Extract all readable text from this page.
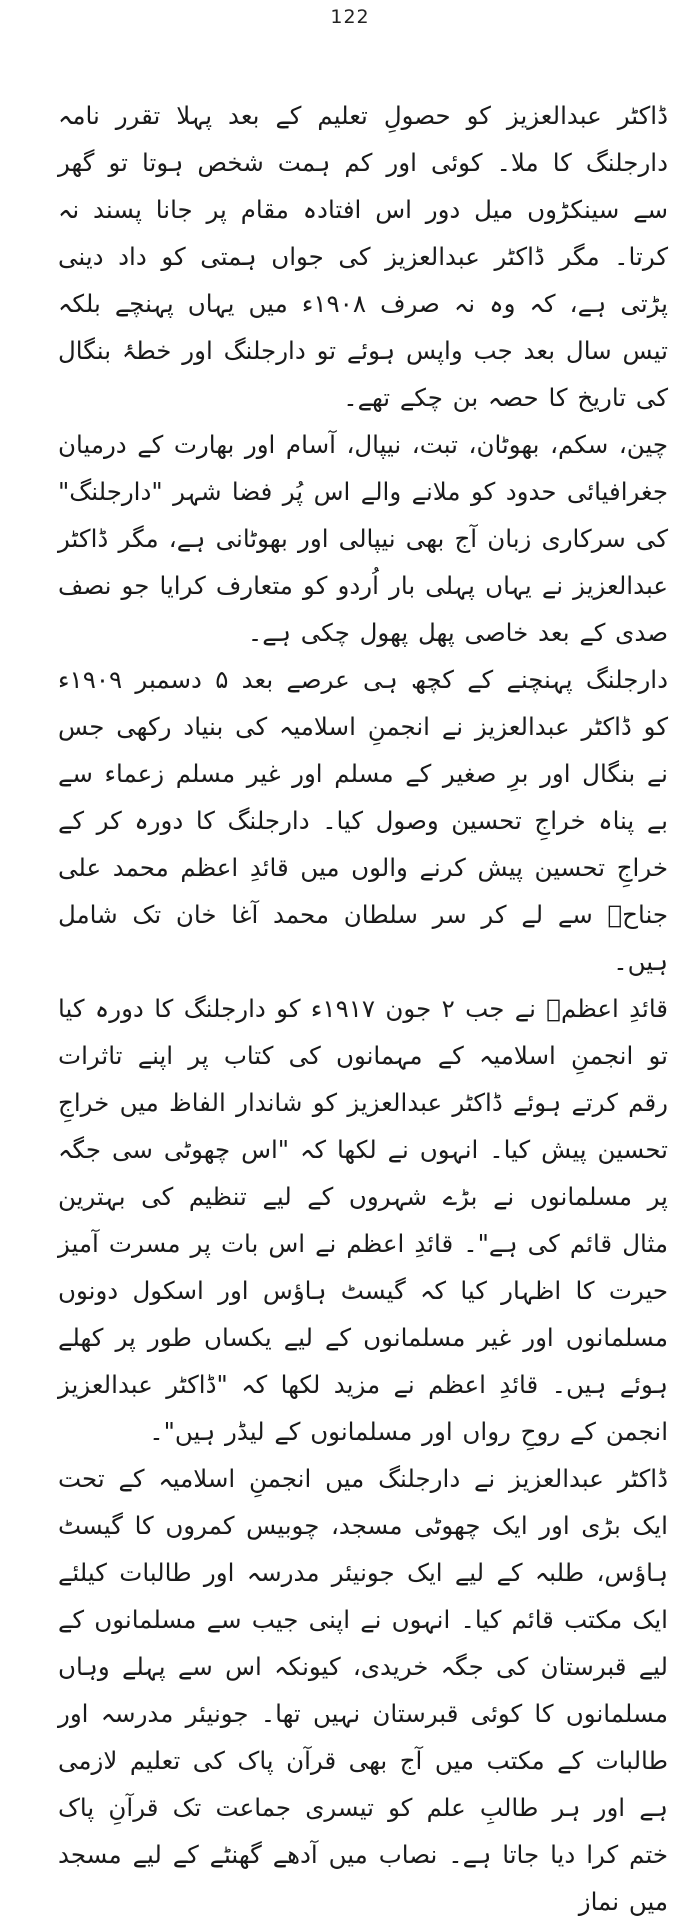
122

ڈاکٹر عبدالعزیز کو حصولِ تعلیم کے بعد پہلا تقرر نامہ دارجلنگ کا ملا۔ کوئی اور کم ہمت شخص ہوتا تو گھر سے سینکڑوں میل دور اس افتادہ مقام پر جانا پسند نہ کرتا۔ مگر ڈاکٹر عبدالعزیز کی جواں ہمتی کو داد دینی پڑتی ہے، کہ وہ نہ صرف ۱۹۰۸ء میں یہاں پہنچے بلکہ تیس سال بعد جب واپس ہوئے تو دارجلنگ اور خطۂ بنگال کی تاریخ کا حصہ بن چکے تھے۔

چین، سکم، بھوٹان، تبت، نیپال، آسام اور بھارت کے درمیان جغرافیائی حدود کو ملانے والے اس پُر فضا شہر "دارجلنگ" کی سرکاری زبان آج بھی نیپالی اور بھوٹانی ہے، مگر ڈاکٹر عبدالعزیز نے یہاں پہلی بار اُردو کو متعارف کرایا جو نصف صدی کے بعد خاصی پھل پھول چکی ہے۔

دارجلنگ پہنچنے کے کچھ ہی عرصے بعد ۵ دسمبر ۱۹۰۹ء کو ڈاکٹر عبدالعزیز نے انجمنِ اسلامیہ کی بنیاد رکھی جس نے بنگال اور برِ صغیر کے مسلم اور غیر مسلم زعماء سے بے پناہ خراجِ تحسین وصول کیا۔ دارجلنگ کا دورہ کر کے خراجِ تحسین پیش کرنے والوں میں قائدِ اعظم محمد علی جناحؒ سے لے کر سر سلطان محمد آغا خان تک شامل ہیں۔

قائدِ اعظمؒ نے جب ۲ جون ۱۹۱۷ء کو دارجلنگ کا دورہ کیا تو انجمنِ اسلامیہ کے مہمانوں کی کتاب پر اپنے تاثرات رقم کرتے ہوئے ڈاکٹر عبدالعزیز کو شاندار الفاظ میں خراجِ تحسین پیش کیا۔ انہوں نے لکھا کہ "اس چھوٹی سی جگہ پر مسلمانوں نے بڑے شہروں کے لیے تنظیم کی بہترین مثال قائم کی ہے"۔ قائدِ اعظم نے اس بات پر مسرت آمیز حیرت کا اظہار کیا کہ گیسٹ ہاؤس اور اسکول دونوں مسلمانوں اور غیر مسلمانوں کے لیے یکساں طور پر کھلے ہوئے ہیں۔ قائدِ اعظم نے مزید لکھا کہ "ڈاکٹر عبدالعزیز انجمن کے روحِ رواں اور مسلمانوں کے لیڈر ہیں"۔

ڈاکٹر عبدالعزیز نے دارجلنگ میں انجمنِ اسلامیہ کے تحت ایک بڑی اور ایک چھوٹی مسجد، چوبیس کمروں کا گیسٹ ہاؤس، طلبہ کے لیے ایک جونیئر مدرسہ اور طالبات کیلئے ایک مکتب قائم کیا۔ انہوں نے اپنی جیب سے مسلمانوں کے لیے قبرستان کی جگہ خریدی، کیونکہ اس سے پہلے وہاں مسلمانوں کا کوئی قبرستان نہیں تھا۔ جونیئر مدرسہ اور طالبات کے مکتب میں آج بھی قرآن پاک کی تعلیم لازمی ہے اور ہر طالبِ علم کو تیسری جماعت تک قرآنِ پاک ختم کرا دیا جاتا ہے۔ نصاب میں آدھے گھنٹے کے لیے مسجد میں نماز
